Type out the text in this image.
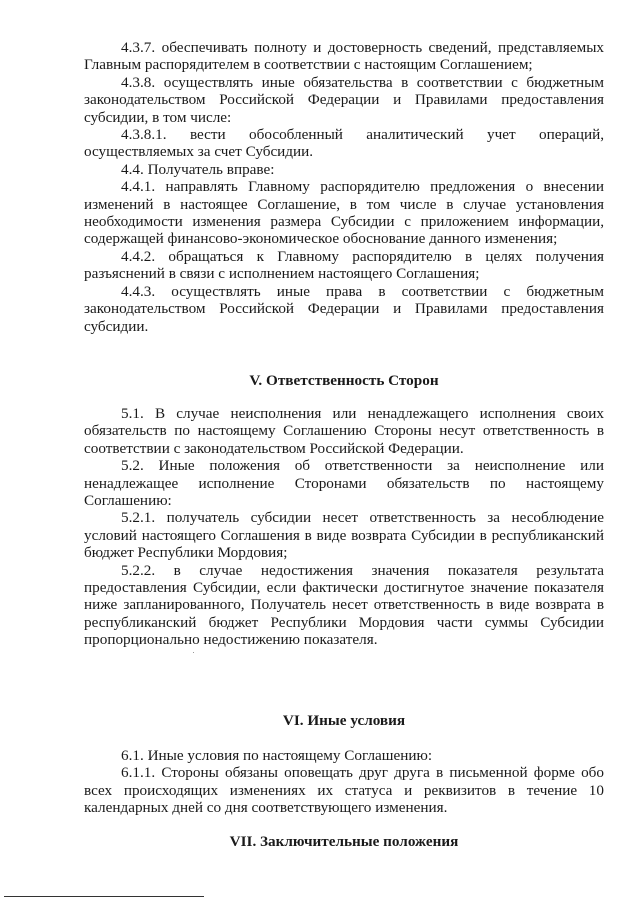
4.3.7. обеспечивать полноту и достоверность сведений, представляемых Главным распорядителем в соответствии с настоящим Соглашением;

4.3.8. осуществлять иные обязательства в соответствии с бюджетным законодательством Российской Федерации и Правилами предоставления субсидии, в том числе:

4.3.8.1. вести обособленный аналитический учет операций, осуществляемых за счет Субсидии.

4.4. Получатель вправе:

4.4.1. направлять Главному распорядителю предложения о внесении изменений в настоящее Соглашение, в том числе в случае установления необходимости изменения размера Субсидии с приложением информации, содержащей финансово-экономическое обоснование данного изменения;

4.4.2. обращаться к Главному распорядителю в целях получения разъяснений в связи с исполнением настоящего Соглашения;

4.4.3. осуществлять иные права в соответствии с бюджетным законодательством Российской Федерации и Правилами предоставления субсидии.

V. Ответственность Сторон

5.1. В случае неисполнения или ненадлежащего исполнения своих обязательств по настоящему Соглашению Стороны несут ответственность в соответствии с законодательством Российской Федерации.

5.2. Иные положения об ответственности за неисполнение или ненадлежащее исполнение Сторонами обязательств по настоящему Соглашению:

5.2.1. получатель субсидии несет ответственность за несоблюдение условий настоящего Соглашения в виде возврата Субсидии в республиканский бюджет Республики Мордовия;

5.2.2. в случае недостижения значения показателя результата предоставления Субсидии, если фактически достигнутое значение показателя ниже запланированного, Получатель несет ответственность в виде возврата в республиканский бюджет Республики Мордовия части суммы Субсидии пропорционально недостижению показателя.

VI. Иные условия

6.1. Иные условия по настоящему Соглашению:

6.1.1. Стороны обязаны оповещать друг друга в письменной форме обо всех происходящих изменениях их статуса и реквизитов в течение 10 календарных дней со дня соответствующего изменения.

VII. Заключительные положения
